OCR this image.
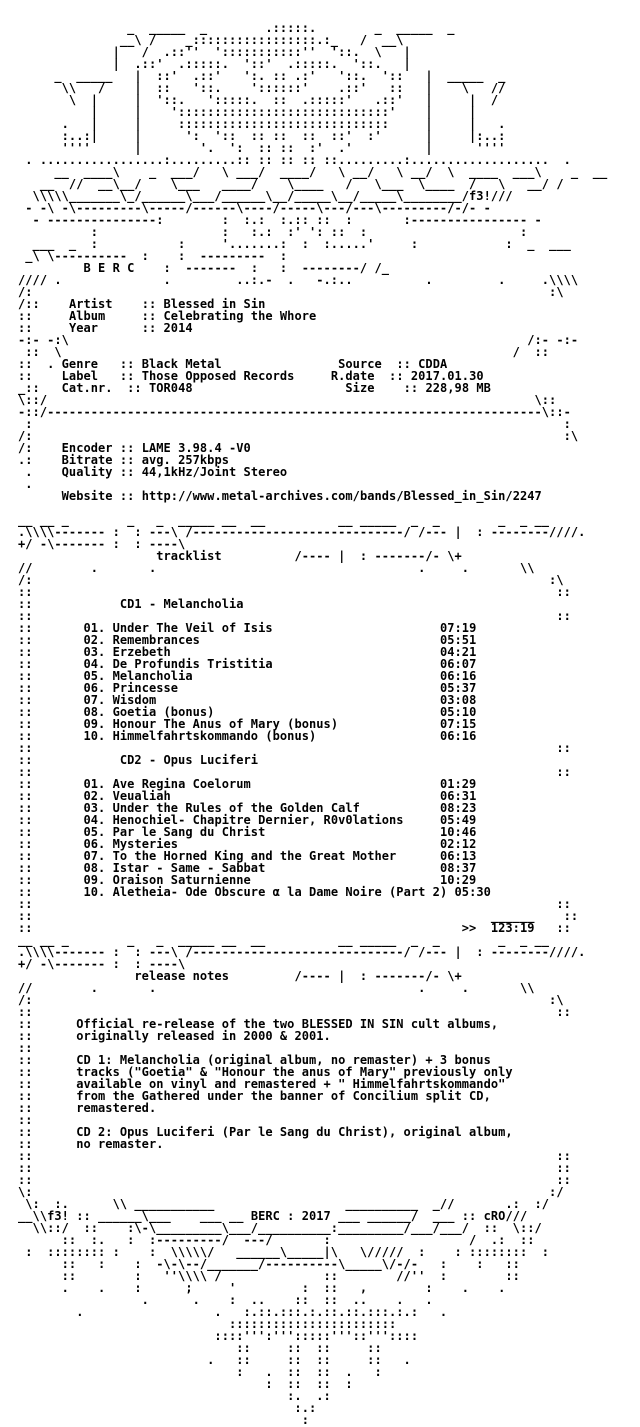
_  _____  _        .:::::.        _  _____  _
__\ /    _:::::::::::::::::.:_   /  __\
|   /  .::''  ':::::::::::''  '::.  \   |
|  .::'  .:::::.  '::'  .:::::.  '::.   |
_  _____   |  ::'  .::'   ':. :: .:'   '::.  '::   |  _____  _
\\   /    |  ::   '::.    '::::::'    .::'   ::   |    \   //
\  |     |  '::.   ':::::.  ::  .:::::'   .::'   |     |  /
|     |    ':::::::::::::::::::::::::::::'    |     |
.   |     |     :::::::::::::::::::::::::::::     |     |   .
:..:|     |      ':  '::  :: ::  ::  ::'  :'      |     |:..:
''''      |        '.  ':  :: ::  :'  .'          |      ''''
. .................:.........:: :: :: :: ::.........:...................  .
__  ____\    _  ___/   \ ___/  ____/   \ __/   \ __/  \  ____  ___\    _  __
__  //  __\__/    \___   ____/    \____   /   \___  \____  /   \   __/ /
\\\\\_______\_/______\___/______\__/_____\__/_____\________/f3!///
- -\ -\---------\-----/------\----/-----\---/---\---------/-/- -
- ---------------:        :  :.:  :.:: ::  :       :---------------- -
:                 :   :.:  :' ': ::  :                     :
___  _  :           :     '.......:  :  :.....'     :            :  _  ___
_\ \----------  :    :  ---------  :
B E R C    :  -------  :   :  --------/ /_
//// .              .         ..:.-  .   -.:..          .         .     .\\\\
/:                                                                       :\

/::    Artist    :: Blessed in Sin
::     Album     :: Celebrating the Whore
::     Year      :: 2014
-:- -:\                                                               /:- -:-
::  \                                                              /  ::

::  . Genre   :: Black Metal	Source  :: CDDA
::    Label   :: Those Opposed Records	R.date  :: 2017.01.30
_::   Cat.nr.  :: TOR048	Size    :: 228,98 MB
\::/                                                                   \::
-::/--------------------------------------------------------------------\::-
:                                                                         :
/:                                                                         :\

/:    Encoder :: LAME 3.98.4 -V0
.:    Bitrate :: avg. 257kbps
.    Quality :: 44,1kHz/Joint Stereo
.

Website :: http://www.metal-archives.com/bands/Blessed_in_Sin/2247

__ __ _        _   _  _____ __  __          __ _____  _  _        _  _ __
.\\\\------- :  : ---\ /-----------------------------/ /--- |  : --------////.
+/ -\------- :  : ----\
tracklist          /---- |  : -------/- \+
//        .       .                                    .     .       \\
/:                                                                       :\
::                                                                        ::

::            CD1 - Melancholia
::                                                                        ::

::       01. Under The Veil of Isis	07:19
::       02. Remembrances	05:51
::       03. Erzebeth	04:21
::       04. De Profundis Tristitia	06:07
::       05. Melancholia	06:16
::       06. Princesse	05:37
::       07. Wisdom	03:08
::       08. Goetia (bonus)	05:10
::       09. Honour The Anus of Mary (bonus)	07:15
::       10. Himmelfahrtskommando (bonus)	06:16
::                                                                        ::

::            CD2 - Opus Luciferi
::                                                                        ::

::       01. Ave Regina Coelorum	01:29
::       02. Veualiah	06:31
::       03. Under the Rules of the Golden Calf	08:23
::       04. Henochiel- Chapitre Dernier, R0v0lations	05:49
::       05. Par le Sang du Christ	10:46
::       06. Mysteries	02:12
::       07. To the Horned King and the Great Mother	06:13
::       08. Istar - Same - Sabbat	08:37
::       09. Oraison Saturnienne	10:29
::       10. Aletheia- Ode Obscure α la Dame Noire (Part 2) 05:30
::                                                                        ::
::                                                               ______    ::

::                                                           >>  123:19   ::
__ __ _        _   _  _____ __  __          __ _____  _  _        _  _ __
.\\\\------- :  : ---\ /-----------------------------/ /--- |  : --------////.
+/ -\------- :  : ----\
release notes         /---- |  : -------/- \+
//        .       .                                    .     .       \\
/:                                                                       :\
::                                                                        ::

::      Official re-release of the two BLESSED IN SIN cult albums,
::      originally released in 2000 & 2001.
::
::      CD 1: Melancholia (original album, no remaster) + 3 bonus
::      tracks ("Goetia" & "Honour the anus of Mary" previously only
::      available on vinyl and remastered + " Himmelfahrtskommando"
::      from the Gathered under the banner of Concilium split CD,
::      remastered.
::
::      CD 2: Opus Luciferi (Par le Sang du Christ), original album,
::      no remaster.
::                                                                        ::
::                                                                        ::
::                                                                        ::
\:                                                                       :/
\:  :.      \\ ___________                  __________  _//       .:  :/

__\\f3! :: ______\___    ___ __ BERC : 2017 ___ ______/  ___ :: cRO///
\\::/  ::    :\-\_________\___/__________:_________/___/___/  ::  \::/
::  :.   :  :---------/  ---/       :                   /  .:  ::
:  :::::::: :    :  \\\\\/   ______\_____|\   \/////  :    : ::::::::  :
::   :    :  -\-\--/_______/----------\_____\/-/-   :    :   ::
::        :   ''\\\\ /              ::        //''  :        ::
.    .    :      ;     '         :  ::   ,        :    .    .
.      .    :  ..    ::  ::  ..    .   .
.                  .   :.::.:::.:.::.::.:::.:.:   .
:::::::::::::::::::::::
::::''':''':::::'''::'''::::
::     ::  ::     ::
.   ::     ::  ::     ::   .
:   .  ::  ::  .   :
:  ::  ::  :
:.  .:
:.:
:
